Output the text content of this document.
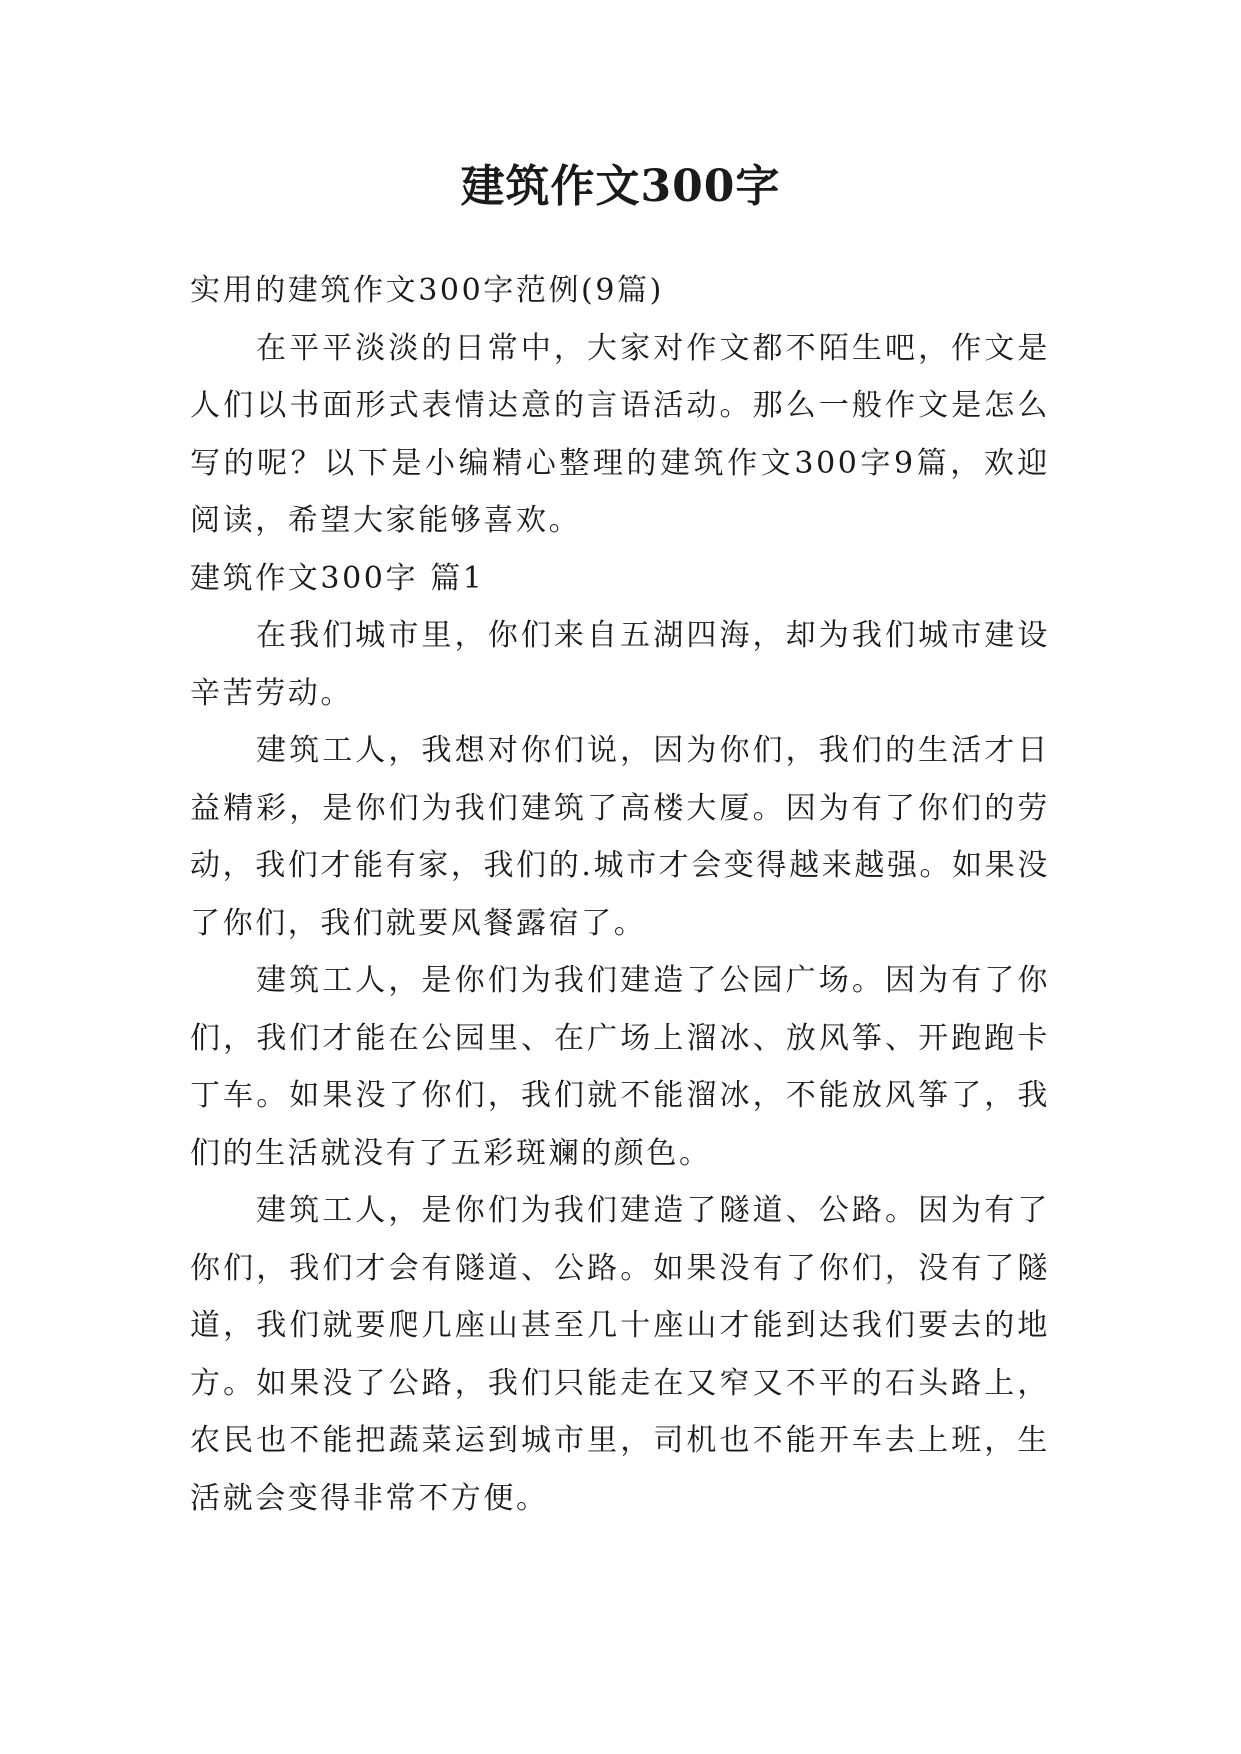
建筑作文300字

实用的建筑作文300字范例(9篇)

在平平淡淡的日常中，大家对作文都不陌生吧，作文是人们以书面形式表情达意的言语活动。那么一般作文是怎么写的呢？以下是小编精心整理的建筑作文300字9篇，欢迎阅读，希望大家能够喜欢。

建筑作文300字 篇1

在我们城市里，你们来自五湖四海，却为我们城市建设辛苦劳动。

建筑工人，我想对你们说，因为你们，我们的生活才日益精彩，是你们为我们建筑了高楼大厦。因为有了你们的劳动，我们才能有家，我们的.城市才会变得越来越强。如果没了你们，我们就要风餐露宿了。

建筑工人，是你们为我们建造了公园广场。因为有了你们，我们才能在公园里、在广场上溜冰、放风筝、开跑跑卡丁车。如果没了你们，我们就不能溜冰，不能放风筝了，我们的生活就没有了五彩斑斓的颜色。

建筑工人，是你们为我们建造了隧道、公路。因为有了你们，我们才会有隧道、公路。如果没有了你们，没有了隧道，我们就要爬几座山甚至几十座山才能到达我们要去的地方。如果没了公路，我们只能走在又窄又不平的石头路上，农民也不能把蔬菜运到城市里，司机也不能开车去上班，生活就会变得非常不方便。
